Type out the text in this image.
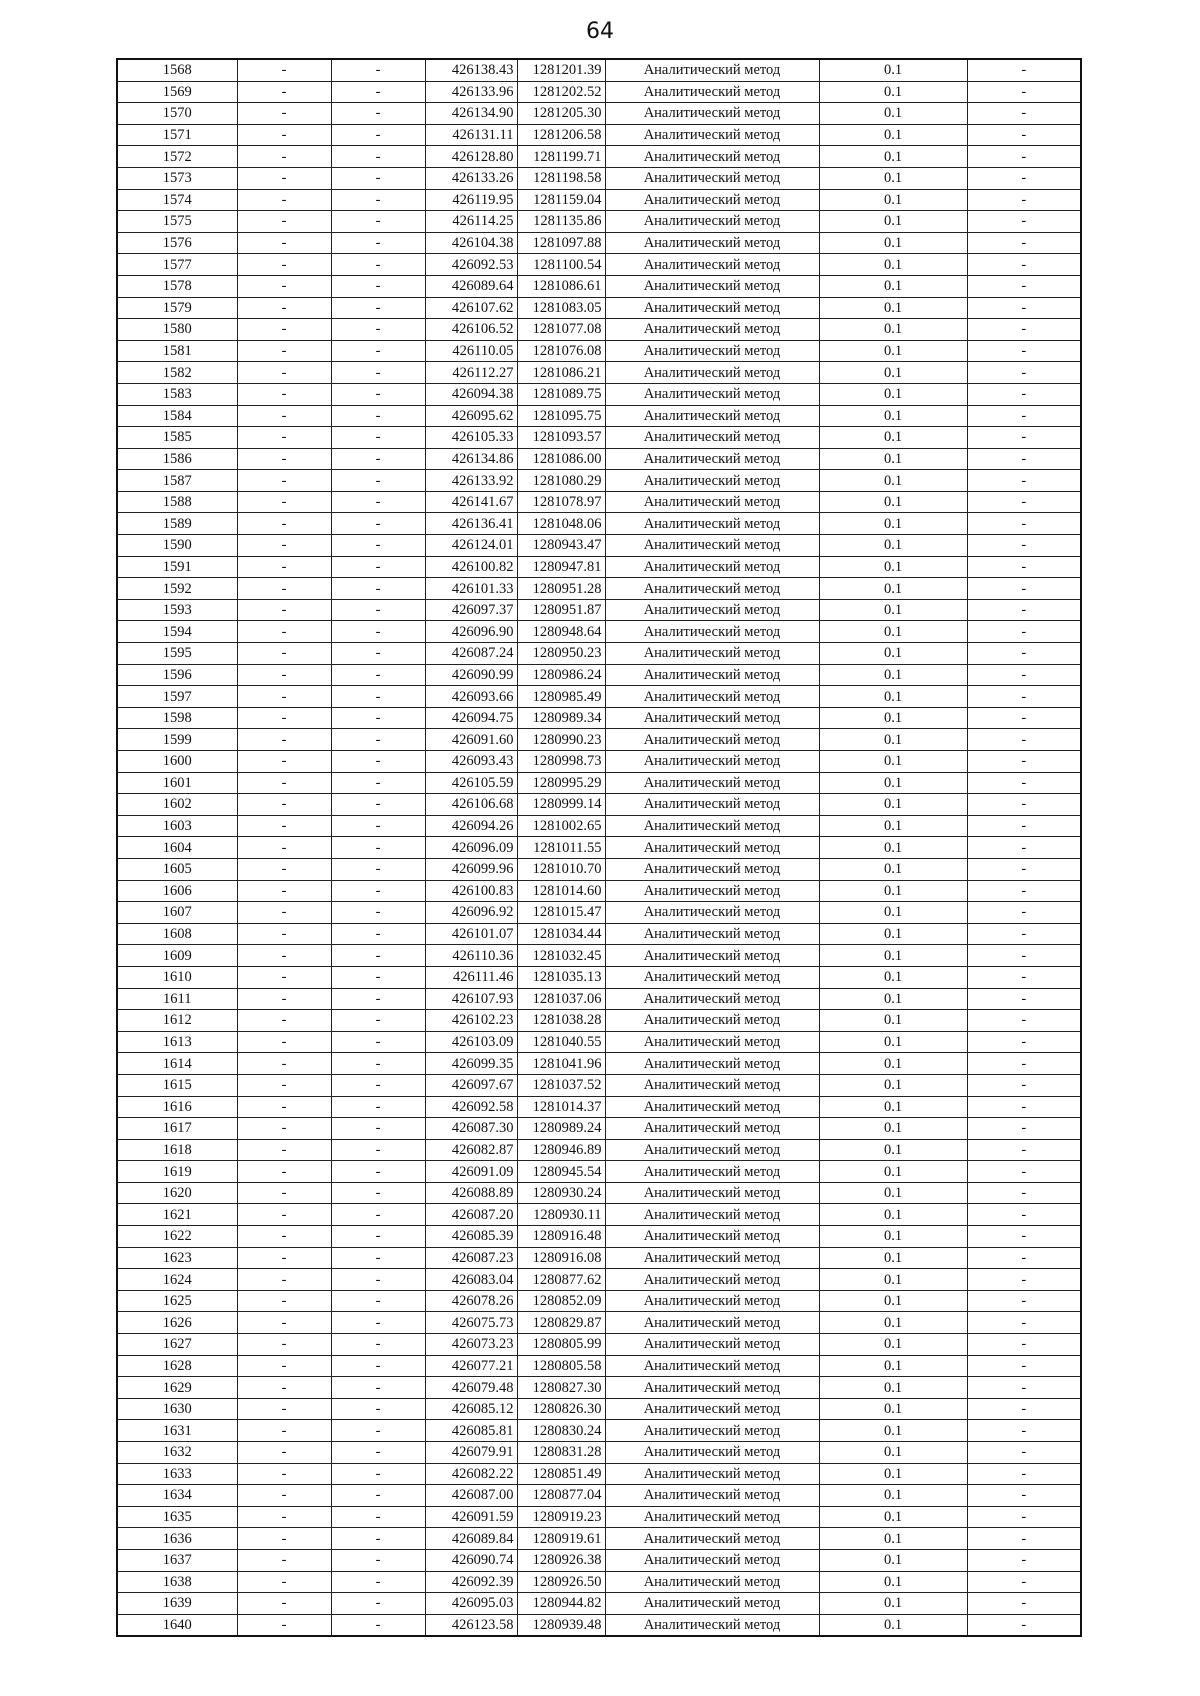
64
1568	-	-	426138.43	1281201.39	Аналитический метод	0.1	-
1569	-	-	426133.96	1281202.52	Аналитический метод	0.1	-
1570	-	-	426134.90	1281205.30	Аналитический метод	0.1	-
1571	-	-	426131.11	1281206.58	Аналитический метод	0.1	-
1572	-	-	426128.80	1281199.71	Аналитический метод	0.1	-
1573	-	-	426133.26	1281198.58	Аналитический метод	0.1	-
1574	-	-	426119.95	1281159.04	Аналитический метод	0.1	-
1575	-	-	426114.25	1281135.86	Аналитический метод	0.1	-
1576	-	-	426104.38	1281097.88	Аналитический метод	0.1	-
1577	-	-	426092.53	1281100.54	Аналитический метод	0.1	-
1578	-	-	426089.64	1281086.61	Аналитический метод	0.1	-
1579	-	-	426107.62	1281083.05	Аналитический метод	0.1	-
1580	-	-	426106.52	1281077.08	Аналитический метод	0.1	-
1581	-	-	426110.05	1281076.08	Аналитический метод	0.1	-
1582	-	-	426112.27	1281086.21	Аналитический метод	0.1	-
1583	-	-	426094.38	1281089.75	Аналитический метод	0.1	-
1584	-	-	426095.62	1281095.75	Аналитический метод	0.1	-
1585	-	-	426105.33	1281093.57	Аналитический метод	0.1	-
1586	-	-	426134.86	1281086.00	Аналитический метод	0.1	-
1587	-	-	426133.92	1281080.29	Аналитический метод	0.1	-
1588	-	-	426141.67	1281078.97	Аналитический метод	0.1	-
1589	-	-	426136.41	1281048.06	Аналитический метод	0.1	-
1590	-	-	426124.01	1280943.47	Аналитический метод	0.1	-
1591	-	-	426100.82	1280947.81	Аналитический метод	0.1	-
1592	-	-	426101.33	1280951.28	Аналитический метод	0.1	-
1593	-	-	426097.37	1280951.87	Аналитический метод	0.1	-
1594	-	-	426096.90	1280948.64	Аналитический метод	0.1	-
1595	-	-	426087.24	1280950.23	Аналитический метод	0.1	-
1596	-	-	426090.99	1280986.24	Аналитический метод	0.1	-
1597	-	-	426093.66	1280985.49	Аналитический метод	0.1	-
1598	-	-	426094.75	1280989.34	Аналитический метод	0.1	-
1599	-	-	426091.60	1280990.23	Аналитический метод	0.1	-
1600	-	-	426093.43	1280998.73	Аналитический метод	0.1	-
1601	-	-	426105.59	1280995.29	Аналитический метод	0.1	-
1602	-	-	426106.68	1280999.14	Аналитический метод	0.1	-
1603	-	-	426094.26	1281002.65	Аналитический метод	0.1	-
1604	-	-	426096.09	1281011.55	Аналитический метод	0.1	-
1605	-	-	426099.96	1281010.70	Аналитический метод	0.1	-
1606	-	-	426100.83	1281014.60	Аналитический метод	0.1	-
1607	-	-	426096.92	1281015.47	Аналитический метод	0.1	-
1608	-	-	426101.07	1281034.44	Аналитический метод	0.1	-
1609	-	-	426110.36	1281032.45	Аналитический метод	0.1	-
1610	-	-	426111.46	1281035.13	Аналитический метод	0.1	-
1611	-	-	426107.93	1281037.06	Аналитический метод	0.1	-
1612	-	-	426102.23	1281038.28	Аналитический метод	0.1	-
1613	-	-	426103.09	1281040.55	Аналитический метод	0.1	-
1614	-	-	426099.35	1281041.96	Аналитический метод	0.1	-
1615	-	-	426097.67	1281037.52	Аналитический метод	0.1	-
1616	-	-	426092.58	1281014.37	Аналитический метод	0.1	-
1617	-	-	426087.30	1280989.24	Аналитический метод	0.1	-
1618	-	-	426082.87	1280946.89	Аналитический метод	0.1	-
1619	-	-	426091.09	1280945.54	Аналитический метод	0.1	-
1620	-	-	426088.89	1280930.24	Аналитический метод	0.1	-
1621	-	-	426087.20	1280930.11	Аналитический метод	0.1	-
1622	-	-	426085.39	1280916.48	Аналитический метод	0.1	-
1623	-	-	426087.23	1280916.08	Аналитический метод	0.1	-
1624	-	-	426083.04	1280877.62	Аналитический метод	0.1	-
1625	-	-	426078.26	1280852.09	Аналитический метод	0.1	-
1626	-	-	426075.73	1280829.87	Аналитический метод	0.1	-
1627	-	-	426073.23	1280805.99	Аналитический метод	0.1	-
1628	-	-	426077.21	1280805.58	Аналитический метод	0.1	-
1629	-	-	426079.48	1280827.30	Аналитический метод	0.1	-
1630	-	-	426085.12	1280826.30	Аналитический метод	0.1	-
1631	-	-	426085.81	1280830.24	Аналитический метод	0.1	-
1632	-	-	426079.91	1280831.28	Аналитический метод	0.1	-
1633	-	-	426082.22	1280851.49	Аналитический метод	0.1	-
1634	-	-	426087.00	1280877.04	Аналитический метод	0.1	-
1635	-	-	426091.59	1280919.23	Аналитический метод	0.1	-
1636	-	-	426089.84	1280919.61	Аналитический метод	0.1	-
1637	-	-	426090.74	1280926.38	Аналитический метод	0.1	-
1638	-	-	426092.39	1280926.50	Аналитический метод	0.1	-
1639	-	-	426095.03	1280944.82	Аналитический метод	0.1	-
1640	-	-	426123.58	1280939.48	Аналитический метод	0.1	-
